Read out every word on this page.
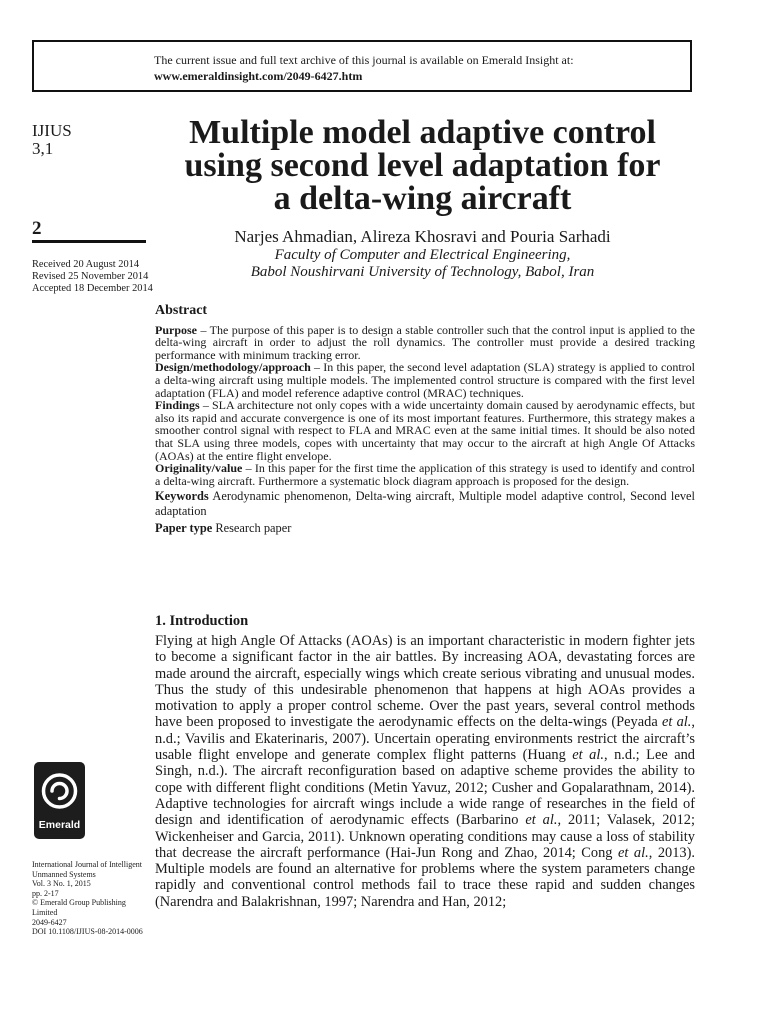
The current issue and full text archive of this journal is available on Emerald Insight at:
www.emeraldinsight.com/2049-6427.htm
IJIUS
3,1
2
Received 20 August 2014
Revised 25 November 2014
Accepted 18 December 2014
Multiple model adaptive control
using second level adaptation for
a delta-wing aircraft
Narjes Ahmadian, Alireza Khosravi and Pouria Sarhadi
Faculty of Computer and Electrical Engineering,
Babol Noushirvani University of Technology, Babol, Iran
Abstract

Purpose – The purpose of this paper is to design a stable controller such that the control input is applied to the delta-wing aircraft in order to adjust the roll dynamics. The controller must provide a desired tracking performance with minimum tracking error.

Design/methodology/approach – In this paper, the second level adaptation (SLA) strategy is applied to control a delta-wing aircraft using multiple models. The implemented control structure is compared with the first level adaptation (FLA) and model reference adaptive control (MRAC) techniques.

Findings – SLA architecture not only copes with a wide uncertainty domain caused by aerodynamic effects, but also its rapid and accurate convergence is one of its most important features. Furthermore, this strategy makes a smoother control signal with respect to FLA and MRAC even at the same initial times. It should be also noted that SLA using three models, copes with uncertainty that may occur to the aircraft at high Angle Of Attacks (AOAs) at the entire flight envelope.

Originality/value – In this paper for the first time the application of this strategy is used to identify and control a delta-wing aircraft. Furthermore a systematic block diagram approach is proposed for the design.

Keywords Aerodynamic phenomenon, Delta-wing aircraft, Multiple model adaptive control, Second level adaptation

Paper type Research paper

1. Introduction

Flying at high Angle Of Attacks (AOAs) is an important characteristic in modern fighter jets to become a significant factor in the air battles. By increasing AOA, devastating forces are made around the aircraft, especially wings which create serious vibrating and unusual modes. Thus the study of this undesirable phenomenon that happens at high AOAs provides a motivation to apply a proper control scheme. Over the past years, several control methods have been proposed to investigate the aerodynamic effects on the delta-wings (Peyada et al., n.d.; Vavilis and Ekaterinaris, 2007). Uncertain operating environments restrict the aircraft’s usable flight envelope and generate complex flight patterns (Huang et al., n.d.; Lee and Singh, n.d.). The aircraft reconfiguration based on adaptive scheme provides the ability to cope with different flight conditions (Metin Yavuz, 2012; Cusher and Gopalarathnam, 2014). Adaptive technologies for aircraft wings include a wide range of researches in the field of design and identification of aerodynamic effects (Barbarino et al., 2011; Valasek, 2012; Wickenheiser and Garcia, 2011). Unknown operating conditions may cause a loss of stability that decrease the aircraft performance (Hai-Jun Rong and Zhao, 2014; Cong et al., 2013). Multiple models are found an alternative for problems where the system parameters change rapidly and conventional control methods fail to trace these rapid and sudden changes (Narendra and Balakrishnan, 1997; Narendra and Han, 2012;

Emerald
International Journal of Intelligent
Unmanned Systems
Vol. 3 No. 1, 2015
pp. 2-17
© Emerald Group Publishing Limited
2049-6427
DOI 10.1108/IJIUS-08-2014-0006
